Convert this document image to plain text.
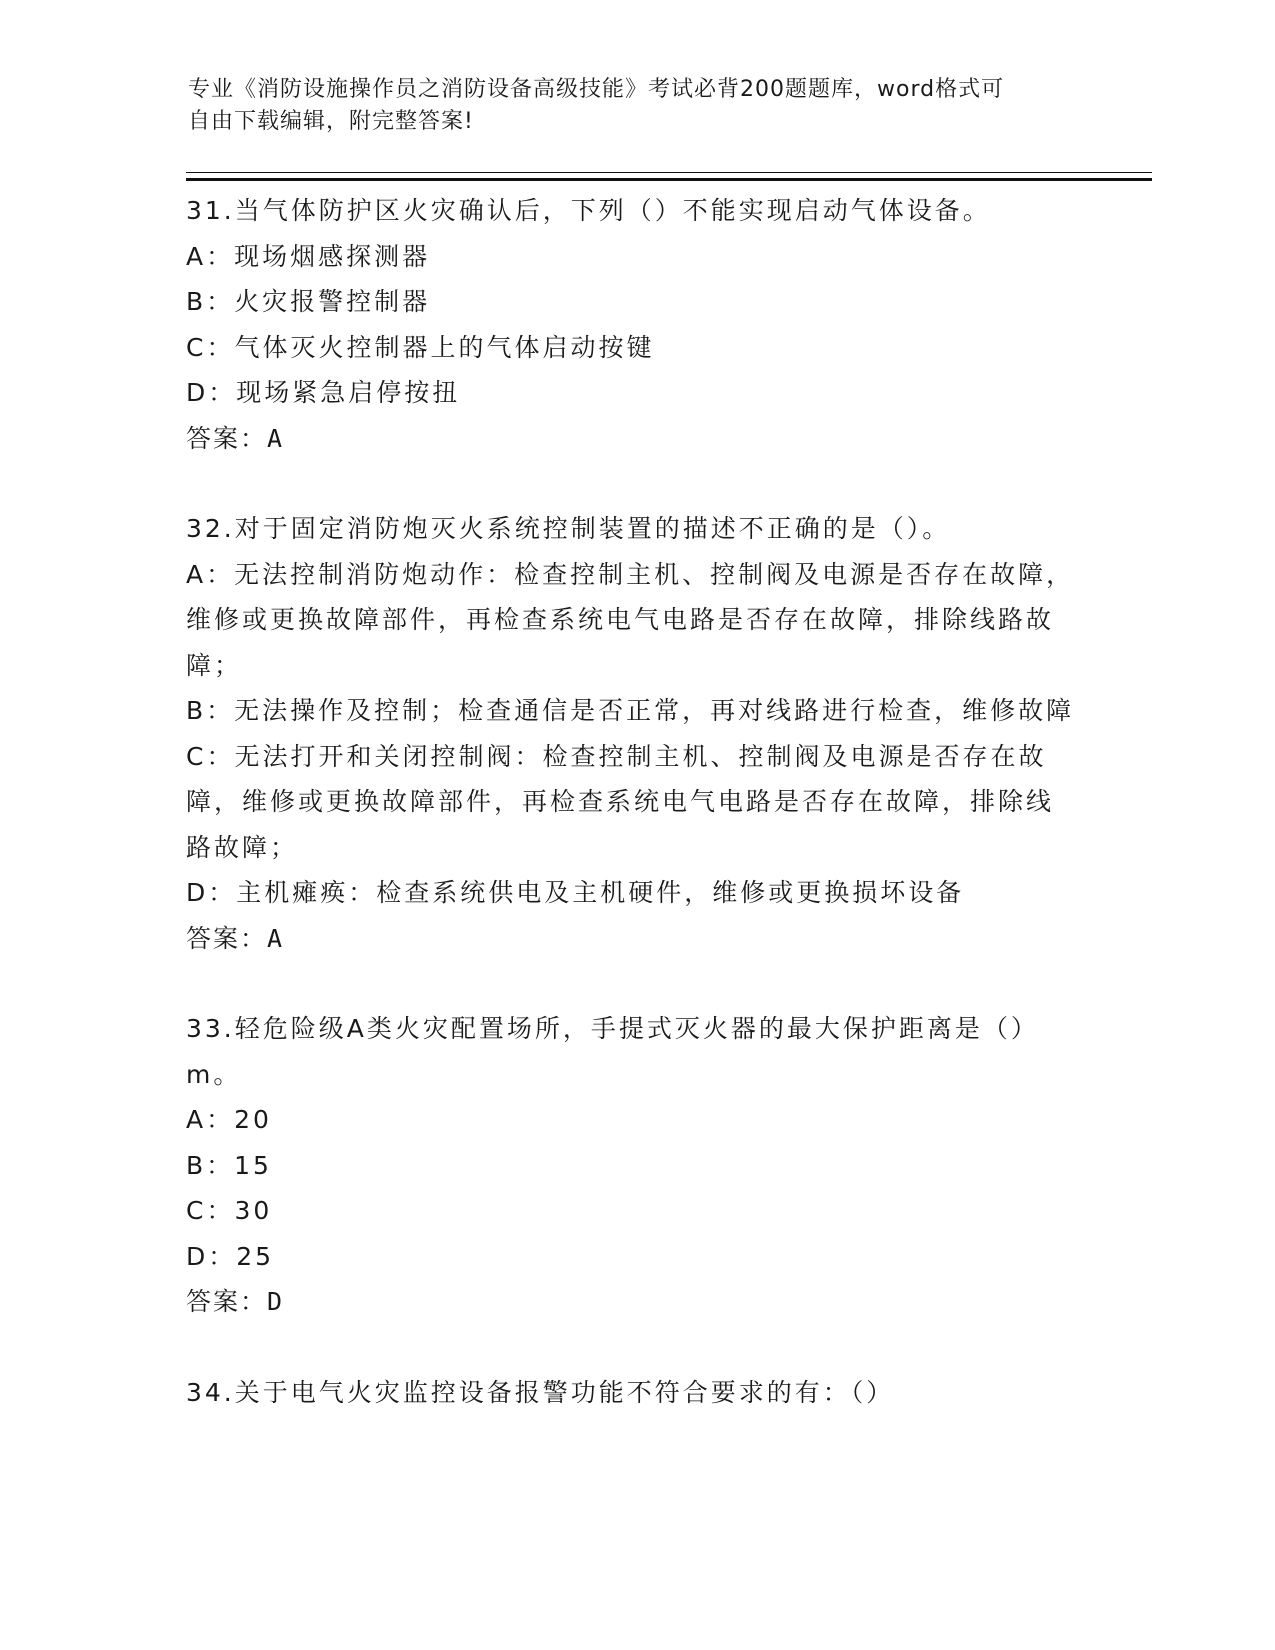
专业《消防设施操作员之消防设备高级技能》考试必背200题题库，word格式可
自由下载编辑，附完整答案!
31.当气体防护区火灾确认后，下列（）不能实现启动气体设备。
A：现场烟感探测器
B：火灾报警控制器
C：气体灭火控制器上的气体启动按键
D：现场紧急启停按扭
答案：A
32.对于固定消防炮灭火系统控制装置的描述不正确的是（）。
A：无法控制消防炮动作：检查控制主机、控制阀及电源是否存在故障，维修或更换故障部件，再检查系统电气电路是否存在故障，排除线路故障；
B：无法操作及控制；检查通信是否正常，再对线路进行检查，维修故障
C：无法打开和关闭控制阀：检查控制主机、控制阀及电源是否存在故障，维修或更换故障部件，再检查系统电气电路是否存在故障，排除线路故障；
D：主机瘫痪：检查系统供电及主机硬件，维修或更换损坏设备
答案：A
33.轻危险级A类火灾配置场所，手提式灭火器的最大保护距离是（）m。
A：20
B：15
C：30
D：25
答案：D
34.关于电气火灾监控设备报警功能不符合要求的有：（）
